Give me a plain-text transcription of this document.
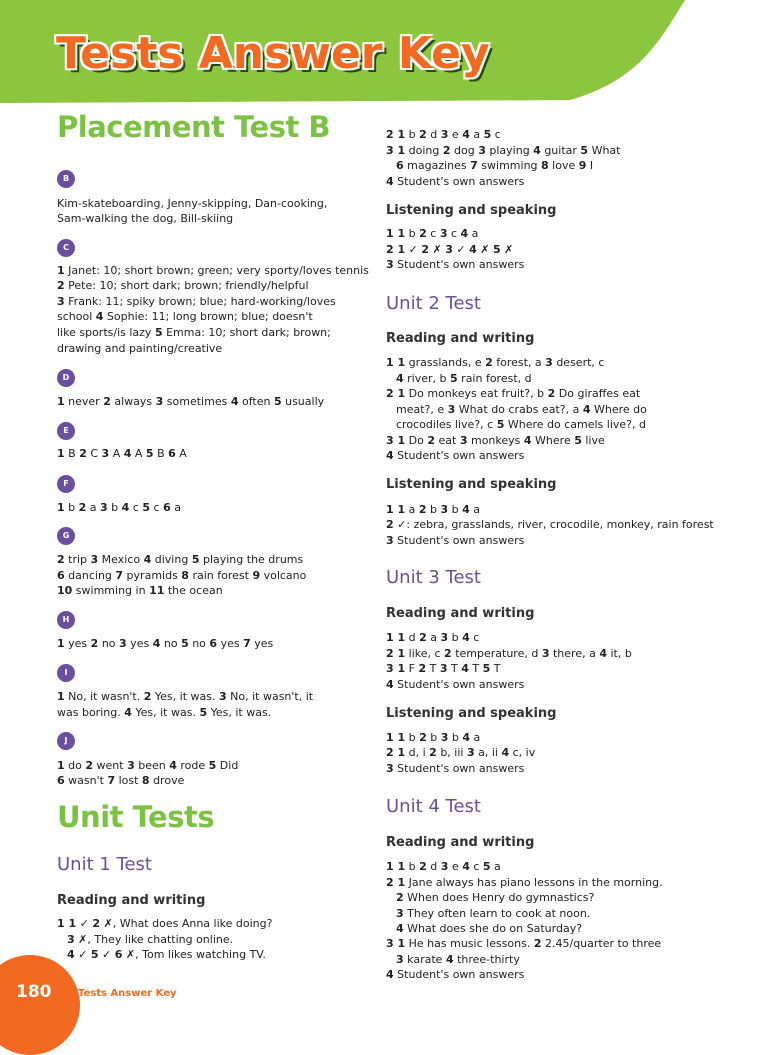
Tests Answer Key
Placement Test B
B
Kim-skateboarding, Jenny-skipping, Dan-cooking,
Sam-walking the dog, Bill-skiing
C
1 Janet: 10; short brown; green; very sporty/loves tennis
2 Pete: 10; short dark; brown; friendly/helpful
3 Frank: 11; spiky brown; blue; hard-working/loves
school 4 Sophie: 11; long brown; blue; doesn't
like sports/is lazy 5 Emma: 10; short dark; brown;
drawing and painting/creative
D
1 never 2 always 3 sometimes 4 often 5 usually
E
1 B 2 C 3 A 4 A 5 B 6 A
F
1 b 2 a 3 b 4 c 5 c 6 a
G
2 trip 3 Mexico 4 diving 5 playing the drums
6 dancing 7 pyramids 8 rain forest 9 volcano
10 swimming in 11 the ocean
H
1 yes 2 no 3 yes 4 no 5 no 6 yes 7 yes
I
1 No, it wasn't. 2 Yes, it was. 3 No, it wasn't, it
was boring. 4 Yes, it was. 5 Yes, it was.
J
1 do 2 went 3 been 4 rode 5 Did
6 wasn't 7 lost 8 drove
Unit Tests
Unit 1 Test
Reading and writing
1 1 ✓ 2 ✗, What does Anna like doing?
3 ✗, They like chatting online.
4 ✓ 5 ✓ 6 ✗, Tom likes watching TV.
2 1 b 2 d 3 e 4 a 5 c
3 1 doing 2 dog 3 playing 4 guitar 5 What
6 magazines 7 swimming 8 love 9 I
4 Student's own answers
Listening and speaking
1 1 b 2 c 3 c 4 a
2 1 ✓ 2 ✗ 3 ✓ 4 ✗ 5 ✗
3 Student's own answers
Unit 2 Test
Reading and writing
1 1 grasslands, e 2 forest, a 3 desert, c
4 river, b 5 rain forest, d
2 1 Do monkeys eat fruit?, b 2 Do giraffes eat
meat?, e 3 What do crabs eat?, a 4 Where do
crocodiles live?, c 5 Where do camels live?, d
3 1 Do 2 eat 3 monkeys 4 Where 5 live
4 Student's own answers
Listening and speaking
1 1 a 2 b 3 b 4 a
2 ✓: zebra, grasslands, river, crocodile, monkey, rain forest
3 Student's own answers
Unit 3 Test
Reading and writing
1 1 d 2 a 3 b 4 c
2 1 like, c 2 temperature, d 3 there, a 4 it, b
3 1 F 2 T 3 T 4 T 5 T
4 Student's own answers
Listening and speaking
1 1 b 2 b 3 b 4 a
2 1 d, i 2 b, iii 3 a, ii 4 c, iv
3 Student's own answers
Unit 4 Test
Reading and writing
1 1 b 2 d 3 e 4 c 5 a
2 1 Jane always has piano lessons in the morning.
2 When does Henry do gymnastics?
3 They often learn to cook at noon.
4 What does she do on Saturday?
3 1 He has music lessons. 2 2.45/quarter to three
3 karate 4 three-thirty
4 Student's own answers
180	Tests Answer Key
